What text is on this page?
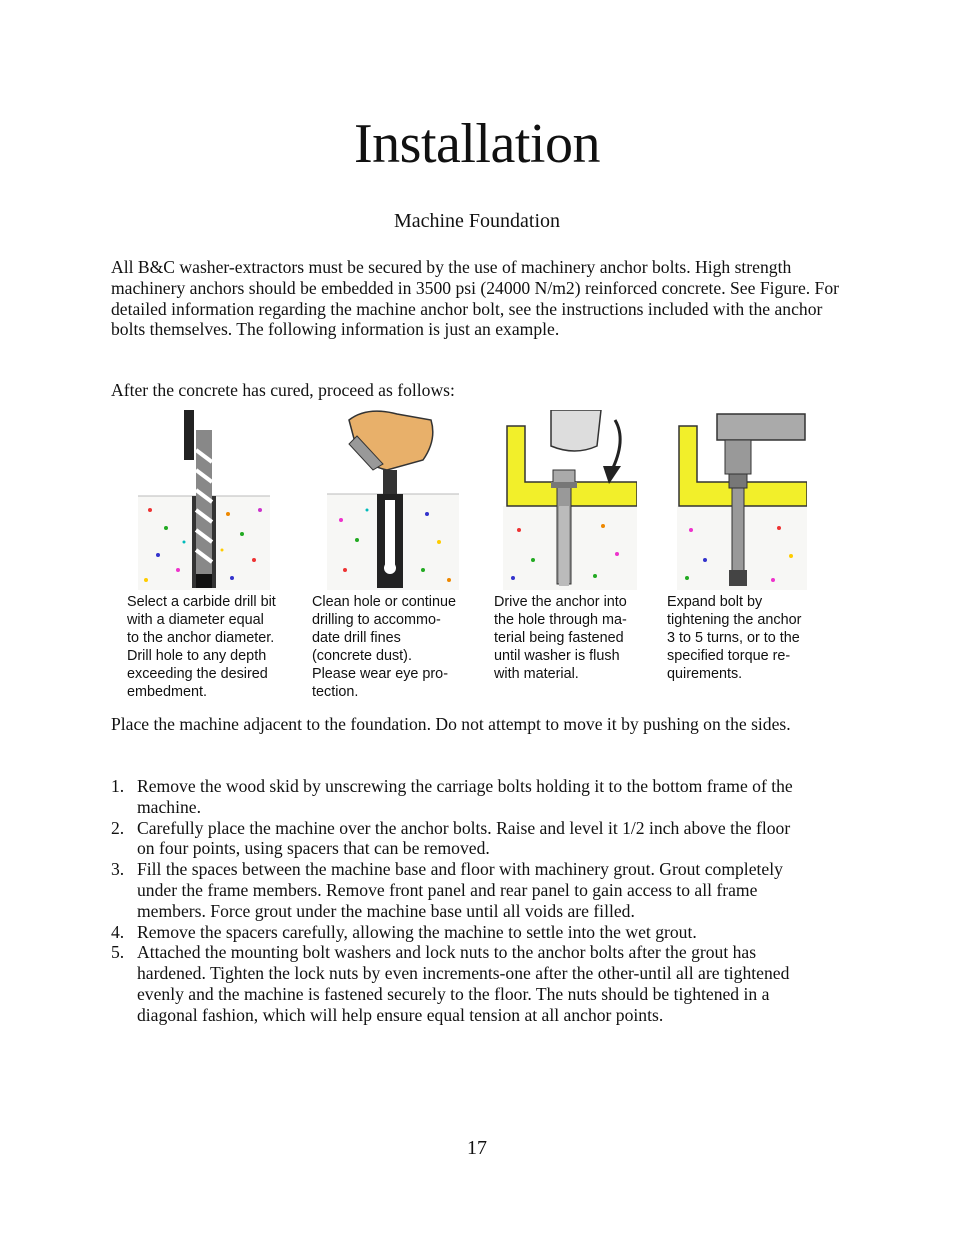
Installation
Machine Foundation
All B&C washer-extractors must be secured by the use of machinery anchor bolts. High strength machinery anchors should be embedded in 3500 psi (24000 N/m2) reinforced concrete. See Figure. For detailed information regarding the machine anchor bolt, see the instructions included with the anchor bolts themselves. The following information is just an example.
After the concrete has cured, proceed as follows:
Select a carbide drill bit
with a diameter equal
to the anchor diameter.
Drill hole to any depth
exceeding the desired
embedment.
Clean hole or continue
drilling to accommo-
date drill fines
(concrete dust).
Please wear eye pro-
tection.
Drive the anchor into
the hole through ma-
terial being fastened
until washer is flush
with material.
Expand bolt by
tightening the anchor
3 to 5 turns, or to the
specified torque re-
quirements.
Place the machine adjacent to the foundation. Do not attempt to move it by pushing on the sides.
1. Remove the wood skid by unscrewing the carriage bolts holding it to the bottom frame of the machine.
2. Carefully place the machine over the anchor bolts. Raise and level it 1/2 inch above the floor on four points, using spacers that can be removed.
3. Fill the spaces between the machine base and floor with machinery grout. Grout completely under the frame members. Remove front panel and rear panel to gain access to all frame members. Force grout under the machine base until all voids are filled.
4. Remove the spacers carefully, allowing the machine to settle into the wet grout.
5. Attached the mounting bolt washers and lock nuts to the anchor bolts after the grout has hardened. Tighten the lock nuts by even increments-one after the other-until all are tightened evenly and the machine is fastened securely to the floor. The nuts should be tightened in a diagonal fashion, which will help ensure equal tension at all anchor points.
17
